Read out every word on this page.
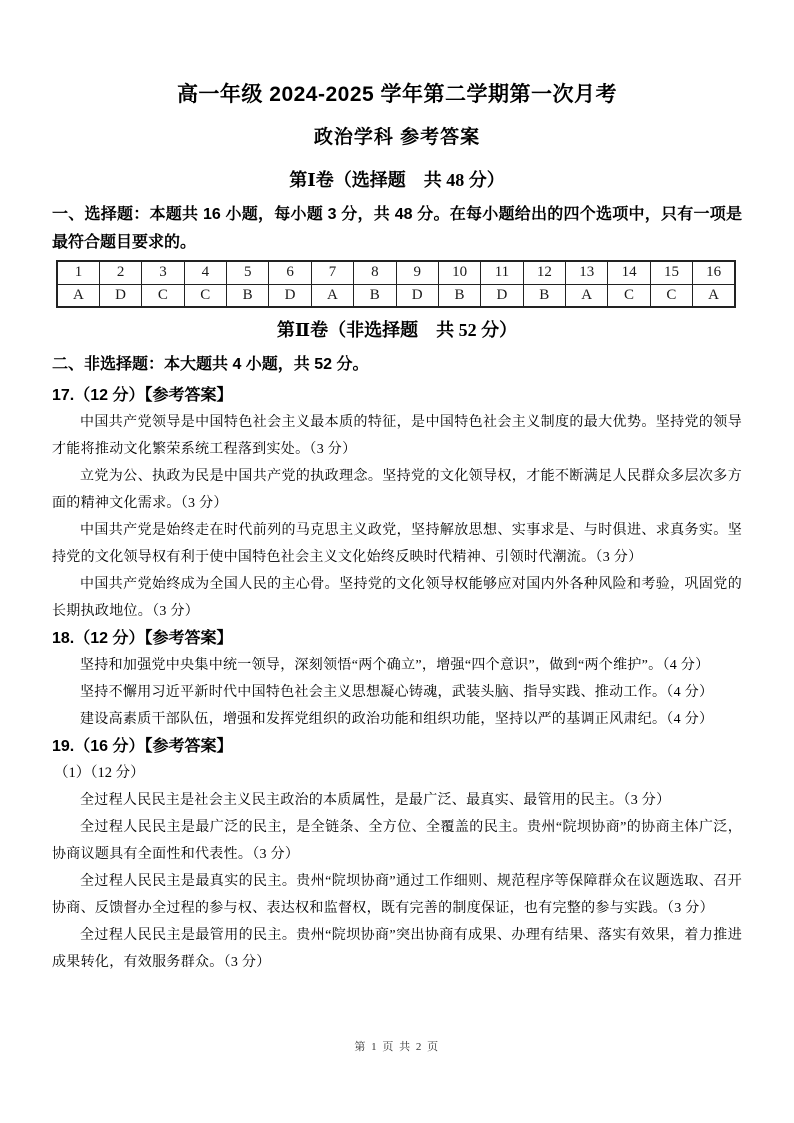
高一年级 2024-2025 学年第二学期第一次月考
政治学科 参考答案
第Ⅰ卷（选择题　共 48 分）

一、选择题：本题共 16 小题，每小题 3 分，共 48 分。在每小题给出的四个选项中，只有一项是最符合题目要求的。

1	2	3	4	5	6	7	8	9	10	11	12	13	14	15	16
A	D	C	C	B	D	A	B	D	B	D	B	A	C	C	A
第Ⅱ卷（非选择题　共 52 分）

二、非选择题：本大题共 4 小题，共 52 分。

17.（12 分）【参考答案】

中国共产党领导是中国特色社会主义最本质的特征，是中国特色社会主义制度的最大优势。坚持党的领导才能将推动文化繁荣系统工程落到实处。（3 分）

立党为公、执政为民是中国共产党的执政理念。坚持党的文化领导权，才能不断满足人民群众多层次多方面的精神文化需求。（3 分）

中国共产党是始终走在时代前列的马克思主义政党，坚持解放思想、实事求是、与时俱进、求真务实。坚持党的文化领导权有利于使中国特色社会主义文化始终反映时代精神、引领时代潮流。（3 分）

中国共产党始终成为全国人民的主心骨。坚持党的文化领导权能够应对国内外各种风险和考验，巩固党的长期执政地位。（3 分）

18.（12 分）【参考答案】

坚持和加强党中央集中统一领导，深刻领悟“两个确立”，增强“四个意识”，做到“两个维护”。（4 分）

坚持不懈用习近平新时代中国特色社会主义思想凝心铸魂，武装头脑、指导实践、推动工作。（4 分）

建设高素质干部队伍，增强和发挥党组织的政治功能和组织功能，坚持以严的基调正风肃纪。（4 分）

19.（16 分）【参考答案】

（1）（12 分）

全过程人民民主是社会主义民主政治的本质属性，是最广泛、最真实、最管用的民主。（3 分）

全过程人民民主是最广泛的民主，是全链条、全方位、全覆盖的民主。贵州“院坝协商”的协商主体广泛，协商议题具有全面性和代表性。（3 分）

全过程人民民主是最真实的民主。贵州“院坝协商”通过工作细则、规范程序等保障群众在议题选取、召开协商、反馈督办全过程的参与权、表达权和监督权，既有完善的制度保证，也有完整的参与实践。（3 分）

全过程人民民主是最管用的民主。贵州“院坝协商”突出协商有成果、办理有结果、落实有效果，着力推进成果转化，有效服务群众。（3 分）

第 1 页 共 2 页
